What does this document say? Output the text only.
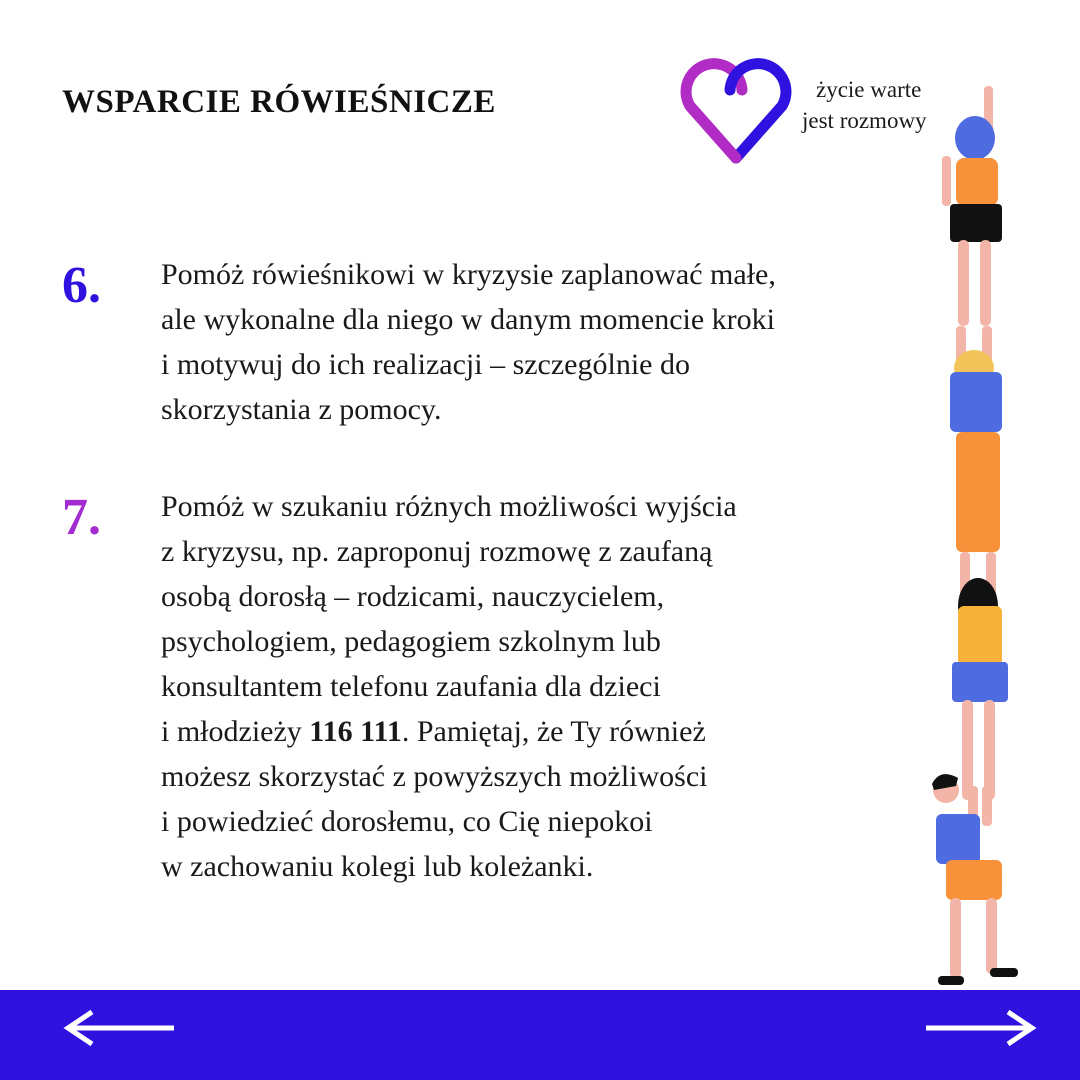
WSPARCIE RÓWIEŚNICZE	życie warte
jest rozmowy
6. Pomóż rówieśnikowi w kryzysie zaplanować małe,

ale wykonalne dla niego w danym momencie kroki

i motywuj do ich realizacji – szczególnie do

skorzystania z pomocy.

7. Pomóż w szukaniu różnych możliwości wyjścia

z kryzysu, np. zaproponuj rozmowę z zaufaną

osobą dorosłą – rodzicami, nauczycielem,

psychologiem, pedagogiem szkolnym lub

konsultantem telefonu zaufania dla dzieci

i młodzieży 116 111. Pamiętaj, że Ty również

możesz skorzystać z powyższych możliwości

i powiedzieć dorosłemu, co Cię niepokoi

w zachowaniu kolegi lub koleżanki.
